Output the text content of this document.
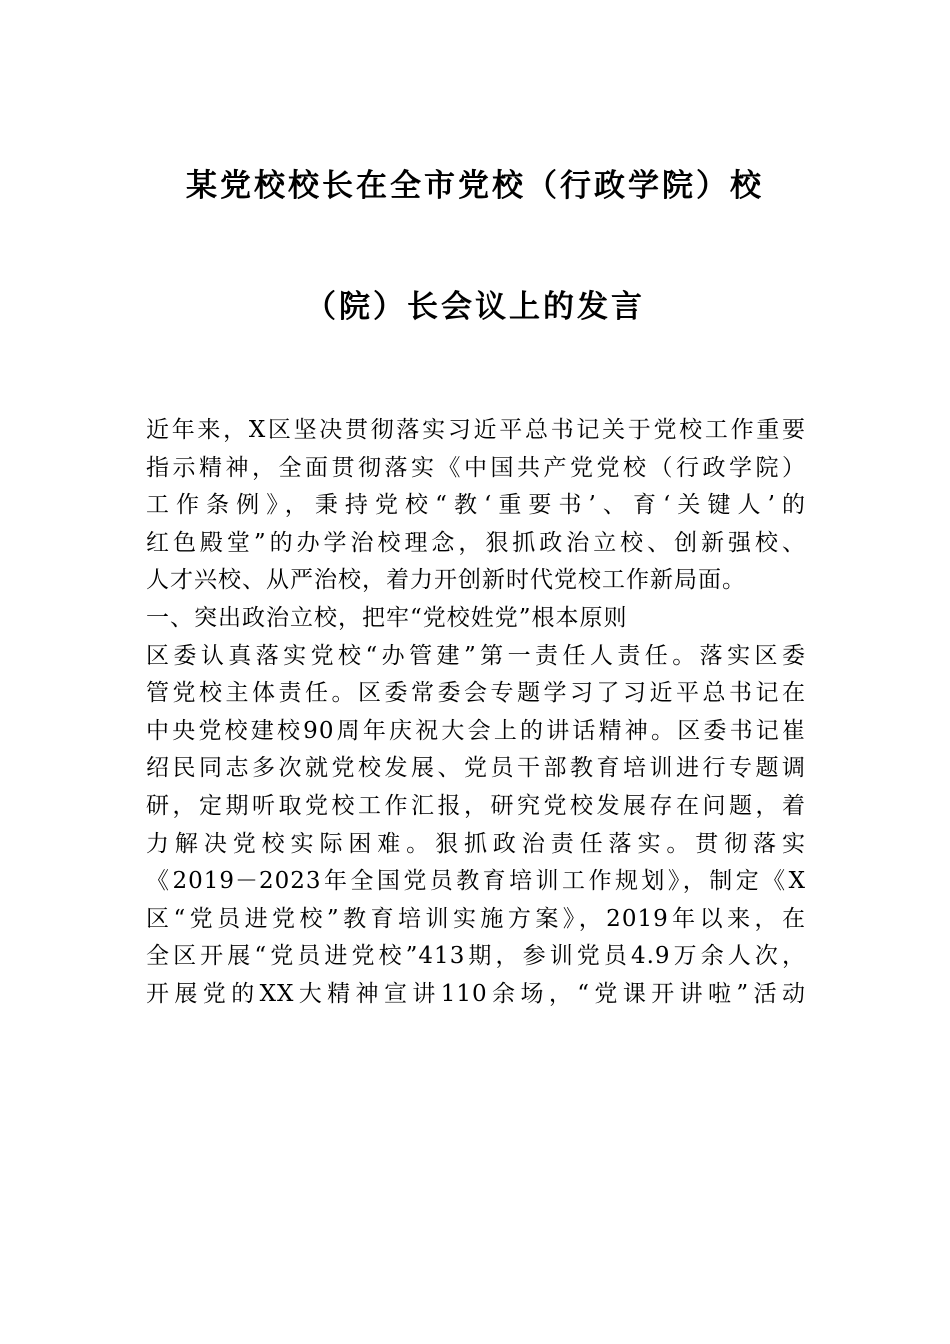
某党校校长在全市党校（行政学院）校
（院）长会议上的发言
近年来，X区坚决贯彻落实习近平总书记关于党校工作重要
指示精神，全面贯彻落实《中国共产党党校（行政学院）
工作条例》，秉持党校“教‘重要书’、育‘关键人’的
红色殿堂”的办学治校理念，狠抓政治立校、创新强校、
人才兴校、从严治校，着力开创新时代党校工作新局面。
一、突出政治立校，把牢“党校姓党”根本原则
区委认真落实党校“办管建”第一责任人责任。落实区委
管党校主体责任。区委常委会专题学习了习近平总书记在
中央党校建校90周年庆祝大会上的讲话精神。区委书记崔
绍民同志多次就党校发展、党员干部教育培训进行专题调
研，定期听取党校工作汇报，研究党校发展存在问题，着
力解决党校实际困难。狠抓政治责任落实。贯彻落实
《2019－2023年全国党员教育培训工作规划》，制定《X
区“党员进党校”教育培训实施方案》，2019年以来，在
全区开展“党员进党校”413期，参训党员4.9万余人次，
开展党的XX大精神宣讲110余场，“党课开讲啦”活动
